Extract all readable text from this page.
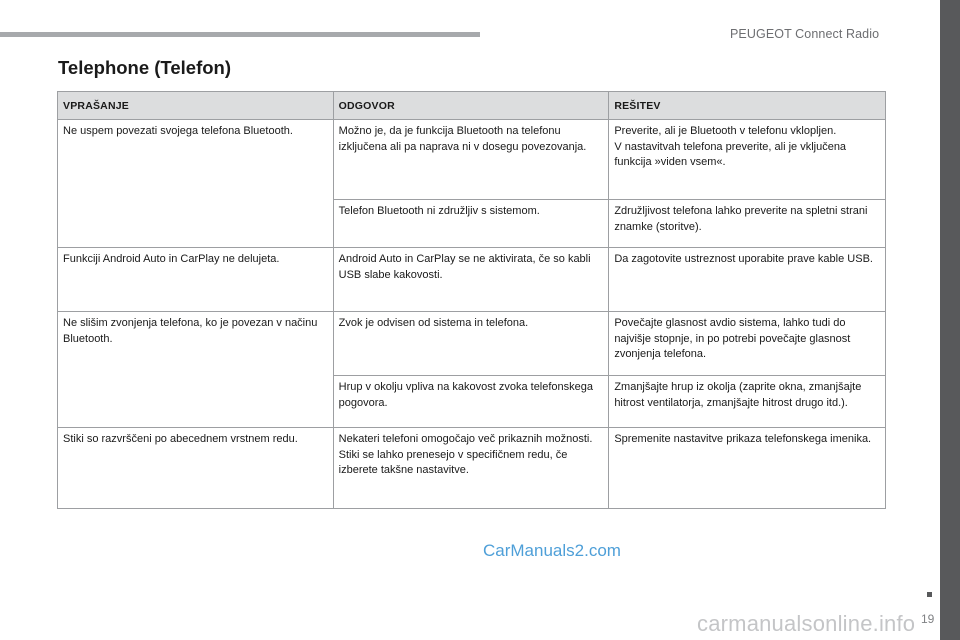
PEUGEOT Connect Radio
Telephone (Telefon)
VPRAŠANJE	ODGOVOR	REŠITEV
Ne uspem povezati svojega telefona Bluetooth.	Možno je, da je funkcija Bluetooth na telefonu izključena ali pa naprava ni v dosegu povezovanja.	Preverite, ali je Bluetooth v telefonu vklopljen.
V nastavitvah telefona preverite, ali je vključena funkcija »viden vsem«.
	Telefon Bluetooth ni združljiv s sistemom.	Združljivost telefona lahko preverite na spletni strani znamke (storitve).
Funkciji Android Auto in CarPlay ne delujeta.	Android Auto in CarPlay se ne aktivirata, če so kabli USB slabe kakovosti.	Da zagotovite ustreznost uporabite prave kable USB.
Ne slišim zvonjenja telefona, ko je povezan v načinu Bluetooth.	Zvok je odvisen od sistema in telefona.	Povečajte glasnost avdio sistema, lahko tudi do najvišje stopnje, in po potrebi povečajte glasnost zvonjenja telefona.
	Hrup v okolju vpliva na kakovost zvoka telefonskega pogovora.	Zmanjšajte hrup iz okolja (zaprite okna, zmanjšajte hitrost ventilatorja, zmanjšajte hitrost drugo itd.).
Stiki so razvrščeni po abecednem vrstnem redu.	Nekateri telefoni omogočajo več prikaznih možnosti. Stiki se lahko prenesejo v specifičnem redu, če izberete takšne nastavitve.	Spremenite nastavitve prikaza telefonskega imenika.
CarManuals2.com
carmanualsonline.info 19
